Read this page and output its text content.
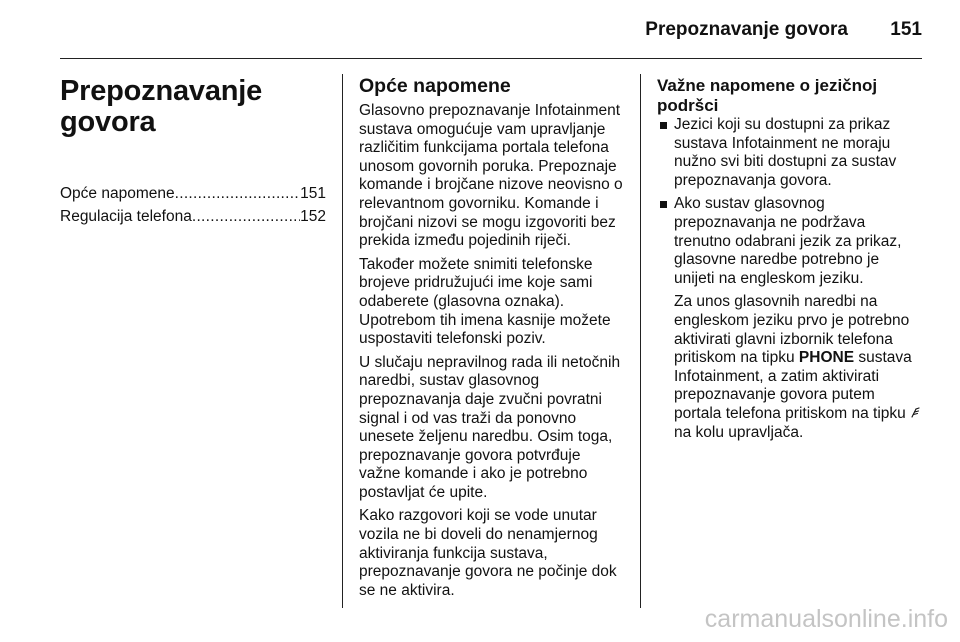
Prepoznavanje govora 151
Prepoznavanje govora
Opće napomene .....	151
Regulacija telefona .....	152
Opće napomene

Glasovno prepoznavanje Infotainment sustava omogućuje vam upravljanje različitim funkcijama portala telefona unosom govornih poruka. Prepoznaje komande i brojčane nizove neovisno o relevantnom govorniku. Komande i brojčani nizovi se mogu izgovoriti bez prekida između pojedinih riječi.

Također možete snimiti telefonske brojeve pridružujući ime koje sami odaberete (glasovna oznaka). Upotrebom tih imena kasnije možete uspostaviti telefonski poziv.

U slučaju nepravilnog rada ili netočnih naredbi, sustav glasovnog prepoznavanja daje zvučni povratni signal i od vas traži da ponovno unesete željenu naredbu. Osim toga, prepoznavanje govora potvrđuje važne komande i ako je potrebno postavljat će upite.

Kako razgovori koji se vode unutar vozila ne bi doveli do nenamjernog aktiviranja funkcija sustava, prepoznavanje govora ne počinje dok se ne aktivira.

Važne napomene o jezičnoj podršci
Jezici koji su dostupni za prikaz sustava Infotainment ne moraju nužno svi biti dostupni za sustav prepoznavanja govora.

Ako sustav glasovnog prepoznavanja ne podržava trenutno odabrani jezik za prikaz, glasovne naredbe potrebno je unijeti na engleskom jeziku.

Za unos glasovnih naredbi na engleskom jeziku prvo je potrebno aktivirati glavni izbornik telefona pritiskom na tipku PHONE sustava Infotainment, a zatim aktivirati prepoznavanje govora putem portala telefona pritiskom na tipku  na kolu upravljača.

carmanualsonline.info
